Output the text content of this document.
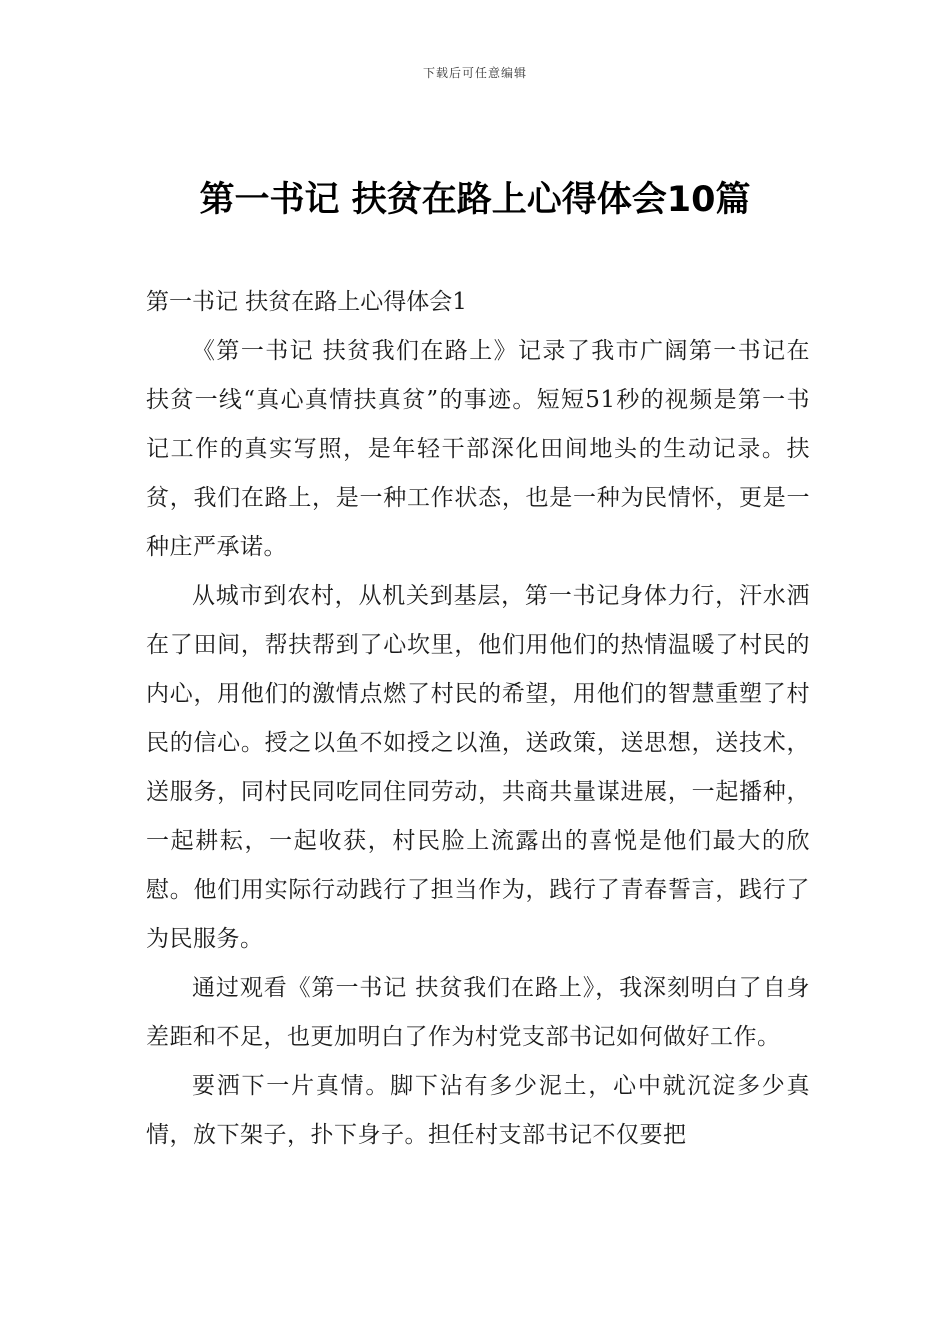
下载后可任意编辑
第一书记 扶贫在路上心得体会10篇
第一书记 扶贫在路上心得体会1

《第一书记 扶贫我们在路上》记录了我市广阔第一书记在扶贫一线“真心真情扶真贫”的事迹。短短51秒的视频是第一书记工作的真实写照，是年轻干部深化田间地头的生动记录。扶贫，我们在路上，是一种工作状态，也是一种为民情怀，更是一种庄严承诺。

从城市到农村，从机关到基层，第一书记身体力行，汗水洒在了田间，帮扶帮到了心坎里，他们用他们的热情温暖了村民的内心，用他们的激情点燃了村民的希望，用他们的智慧重塑了村民的信心。授之以鱼不如授之以渔，送政策，送思想，送技术，送服务，同村民同吃同住同劳动，共商共量谋进展，一起播种，一起耕耘，一起收获，村民脸上流露出的喜悦是他们最大的欣慰。他们用实际行动践行了担当作为，践行了青春誓言，践行了为民服务。

通过观看《第一书记 扶贫我们在路上》，我深刻明白了自身差距和不足，也更加明白了作为村党支部书记如何做好工作。

要洒下一片真情。脚下沾有多少泥土，心中就沉淀多少真情，放下架子，扑下身子。担任村支部书记不仅要把
